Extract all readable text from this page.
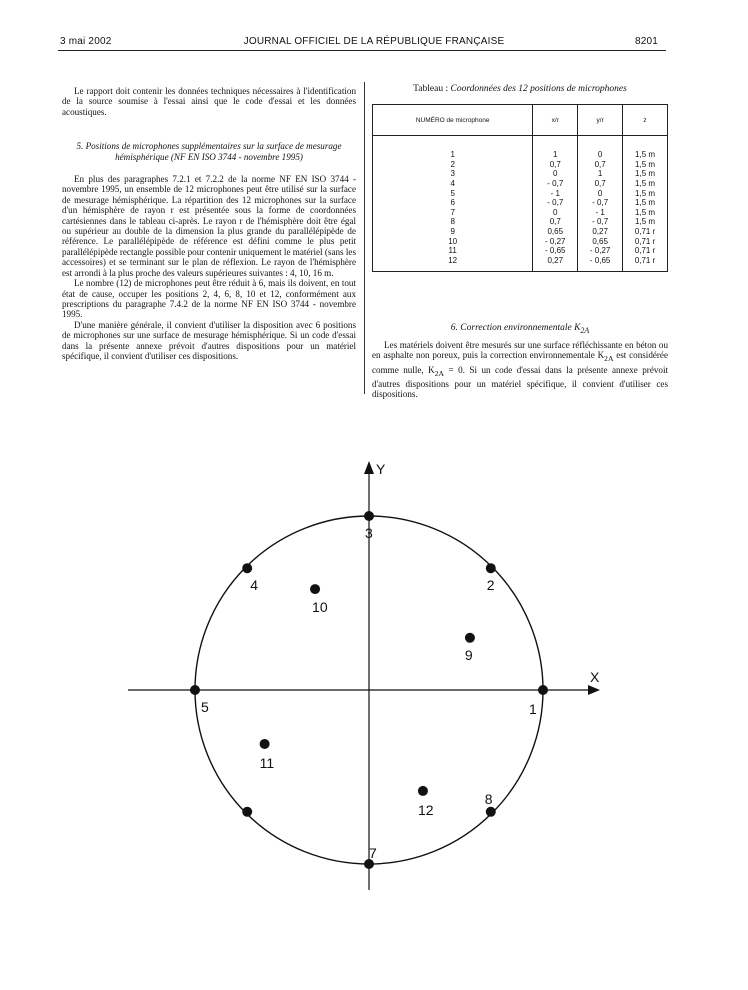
3 mai 2002	JOURNAL OFFICIEL DE LA RÉPUBLIQUE FRANÇAISE	8201

Le rapport doit contenir les données techniques nécessaires à l'identification de la source soumise à l'essai ainsi que le code d'essai et les données acoustiques.

5. Positions de microphones supplémentaires sur la surface de mesurage hémisphérique (NF EN ISO 3744 - novembre 1995)

En plus des paragraphes 7.2.1 et 7.2.2 de la norme NF EN ISO 3744 - novembre 1995, un ensemble de 12 microphones peut être utilisé sur la surface de mesurage hémisphérique. La répartition des 12 microphones sur la surface d'un hémisphère de rayon r est présentée sous la forme de coordonnées cartésiennes dans le tableau ci-après. Le rayon r de l'hémisphère doit être égal ou supérieur au double de la dimension la plus grande du parallélépipède de référence. Le parallélépipède de référence est défini comme le plus petit parallélépipède rectangle possible pour contenir uniquement le matériel (sans les accessoires) et se terminant sur le plan de réflexion. Le rayon de l'hémisphère est arrondi à la plus proche des valeurs supérieures suivantes : 4, 10, 16 m.

Le nombre (12) de microphones peut être réduit à 6, mais ils doivent, en tout état de cause, occuper les positions 2, 4, 6, 8, 10 et 12, conformément aux prescriptions du paragraphe 7.4.2 de la norme NF EN ISO 3744 - novembre 1995.

D'une manière générale, il convient d'utiliser la disposition avec 6 positions de microphones sur une surface de mesurage hémisphérique. Si un code d'essai dans la présente annexe prévoit d'autres dispositions pour un matériel spécifique, il convient d'utiliser ces dispositions.

Tableau : Coordonnées des 12 positions de microphones
NUMÉRO de microphone	x/r	y/r	z
1	1	0	1,5 m
2	0,7	0,7	1,5 m
3	0	1	1,5 m
4	- 0,7	0,7	1,5 m
5	- 1	0	1,5 m
6	- 0,7	- 0,7	1,5 m
7	0	- 1	1,5 m
8	0,7	- 0,7	1,5 m
9	0,65	0,27	0,71 r
10	- 0,27	0,65	0,71 r
11	- 0,65	- 0,27	0,71 r
12	0,27	- 0,65	0,71 r
6. Correction environnementale $K_{2A}$

Les matériels doivent être mesurés sur une surface réfléchissante en béton ou en asphalte non poreux, puis la correction environnementale $K_{2A}$ est considérée comme nulle, $K_{2A} = 0$. Si un code d'essai dans la présente annexe prévoit d'autres dispositions pour un matériel spécifique, il convient d'utiliser ces dispositions.

X
Y
1
2
3
4
5
7
8
9
10
11
12
